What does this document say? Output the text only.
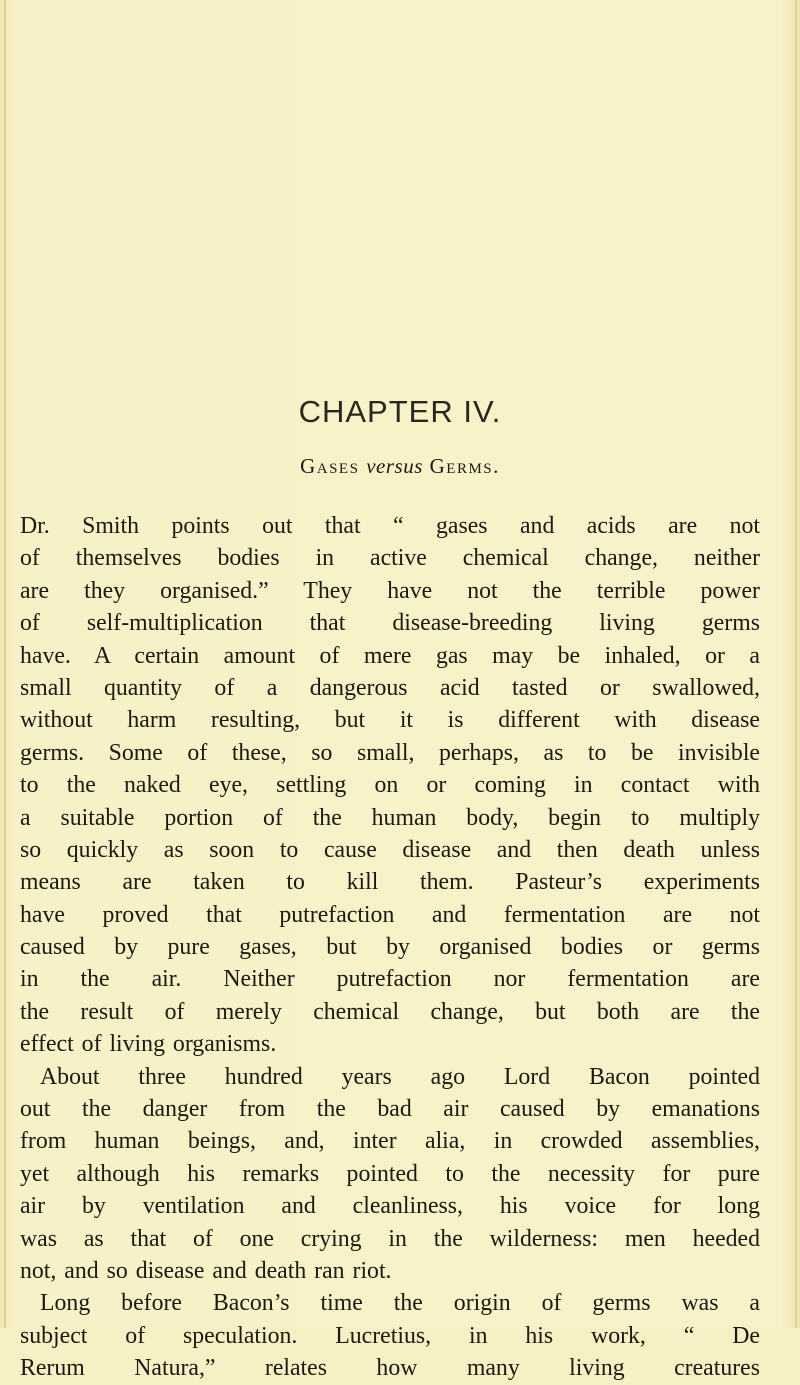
CHAPTER IV.
Gases versus Germs.
Dr. Smith points out that “ gases and acids are not
of themselves bodies in active chemical change, neither
are they organised.” They have not the terrible power
of self-multiplication that disease-breeding living germs
have. A certain amount of mere gas may be inhaled, or a
small quantity of a dangerous acid tasted or swallowed,
without harm resulting, but it is different with disease
germs. Some of these, so small, perhaps, as to be invisible
to the naked eye, settling on or coming in contact with
a suitable portion of the human body, begin to multiply
so quickly as soon to cause disease and then death unless
means are taken to kill them. Pasteur’s experiments
have proved that putrefaction and fermentation are not
caused by pure gases, but by organised bodies or germs
in the air. Neither putrefaction nor fermentation are
the result of merely chemical change, but both are the
effect of living organisms.
About three hundred years ago Lord Bacon pointed
out the danger from the bad air caused by emanations
from human beings, and, inter alia, in crowded assemblies,
yet although his remarks pointed to the necessity for pure
air by ventilation and cleanliness, his voice for long
was as that of one crying in the wilderness: men heeded
not, and so disease and death ran riot.
Long before Bacon’s time the origin of germs was a
subject of speculation. Lucretius, in his work, “ De
Rerum Natura,” relates how many living creatures
